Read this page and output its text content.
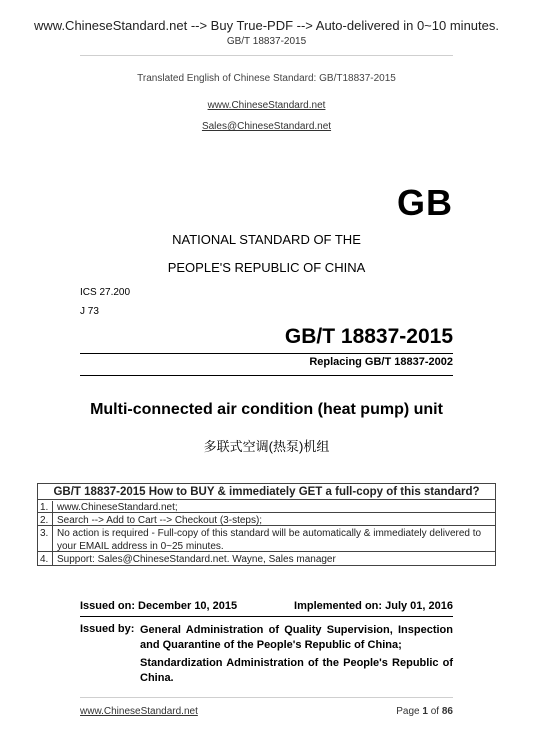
www.ChineseStandard.net --> Buy True-PDF --> Auto-delivered in 0~10 minutes.
GB/T 18837-2015
Translated English of Chinese Standard: GB/T18837-2015
www.ChineseStandard.net
Sales@ChineseStandard.net
GB
NATIONAL STANDARD OF THE
PEOPLE'S REPUBLIC OF CHINA
ICS 27.200
J 73
GB/T 18837-2015
Replacing GB/T 18837-2002
Multi-connected air condition (heat pump) unit
多联式空调(热泵)机组
GB/T 18837-2015 How to BUY & immediately GET a full-copy of this standard?
1. www.ChineseStandard.net;
2. Search --> Add to Cart --> Checkout (3-steps);
3. No action is required - Full-copy of this standard will be automatically & immediately delivered to your EMAIL address in 0~25 minutes.
4. Support: Sales@ChineseStandard.net. Wayne, Sales manager
Issued on: December 10, 2015	Implemented on: July 01, 2016
Issued by: General Administration of Quality Supervision, Inspection and Quarantine of the People's Republic of China;
Standardization Administration of the People's Republic of China.
www.ChineseStandard.net	Page 1 of 86
